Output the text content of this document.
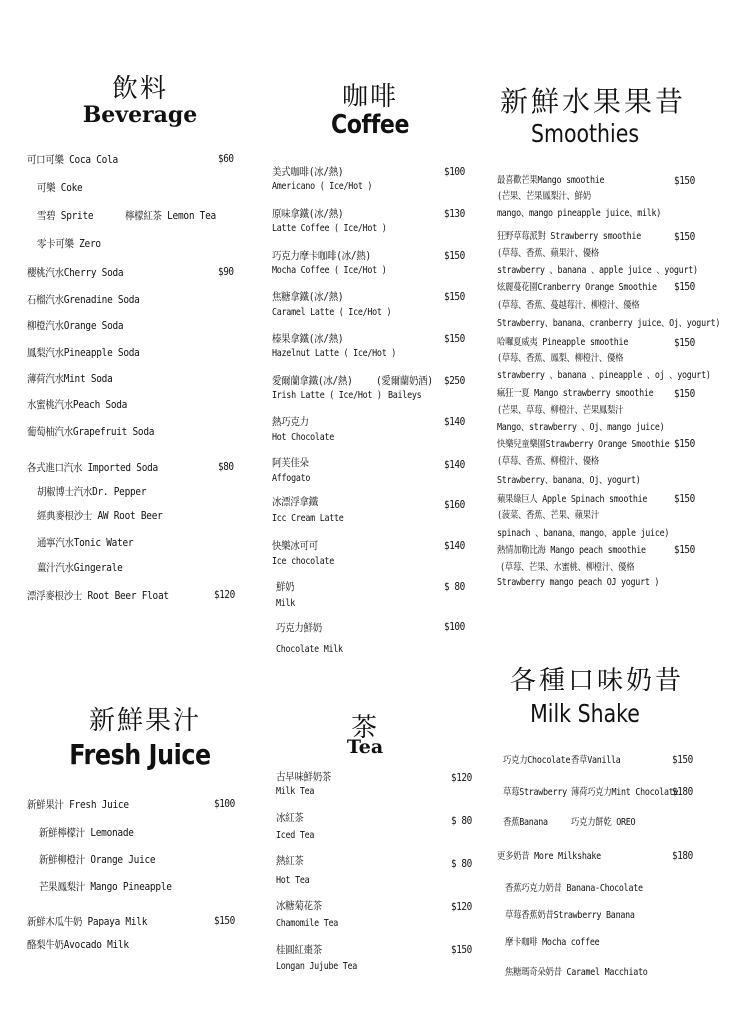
飲料
Beverage
可口可樂 Coca Cola	$60
可樂 Coke
雪碧 Sprite	檸檬紅茶 Lemon Tea
零卡可樂 Zero
櫻桃汽水Cherry Soda	$90
石榴汽水Grenadine Soda
柳橙汽水Orange Soda
鳳梨汽水Pineapple Soda
薄荷汽水Mint Soda
水蜜桃汽水Peach Soda
葡萄柚汽水Grapefruit Soda
各式進口汽水 Imported Soda	$80
胡椒博士汽水Dr. Pepper
經典麥根沙士 AW Root Beer
通寧汽水Tonic Water
薑汁汽水Gingerale
漂浮麥根沙士 Root Beer Float	$120
咖啡
Coffee
美式咖啡(冰/熱)
Americano ( Ice/Hot )
$100
原味拿鐵(冰/熱)
Latte Coffee ( Ice/Hot )
$130
巧克力摩卡咖啡(冰/熱)
Mocha Coffee ( Ice/Hot )
$150
焦糖拿鐵(冰/熱)
Caramel Latte ( Ice/Hot )
$150
榛果拿鐵(冰/熱)
Hazelnut Latte ( Ice/Hot )
$150
愛爾蘭拿鐵(冰/熱)
Irish Latte ( Ice/Hot )
(愛爾蘭奶酒)
Baileys
$250
熱巧克力
Hot Chocolate
$140
阿芙佳朵
Affogato
$140
冰漂浮拿鐵
Icc Cream Latte
$160
快樂冰可可
Ice chocolate
$140
鮮奶
Milk
$ 80
巧克力鮮奶
Chocolate Milk
$100
新鮮水果果昔
Smoothies
最喜歡芒果Mango smoothie
(芒果、芒果鳳梨汁、鮮奶
mango、mango pineapple juice、milk)
$150
狂野草莓派對 Strawberry smoothie
(草莓、香蕉、蘋果汁、優格
strawberry 、banana 、apple juice 、yogurt)
$150
炫麗蔓花園Cranberry Orange Smoothie
(草莓、香蕉、蔓越莓汁、柳橙汁、優格
Strawberry、banana、cranberry juice、Oj、yogurt)
$150
哈囉夏威夷 Pineapple smoothie
(草莓、香蕉、鳳梨、柳橙汁、優格
strawberry 、banana 、pineapple 、oj 、yogurt)
$150
瘋狂一夏 Mango strawberry smoothie
(芒果、草莓、柳橙汁、芒果鳳梨汁
Mango、strawberry 、Oj、mango juice)
$150
快樂兒童樂園Strawberry Orange Smoothie
(草莓、香蕉、柳橙汁、優格
Strawberry、banana、Oj、yogurt)
$150
蘋果綠巨人 Apple Spinach smoothie
(菠菜、香蕉、芒果、蘋果汁
spinach 、banana、mango、apple juice)
$150
熱情加勒比海 Mango peach smoothie
(草莓、芒果、水蜜桃、柳橙汁、優格
Strawberry mango peach OJ yogurt )
$150
各種口味奶昔
Milk Shake
巧克力Chocolate 香草Vanilla	$150
草莓Strawberry 薄荷巧克力Mint Chocolate
$180
香蕉Banana 巧克力餅乾 OREO
更多奶昔 More Milkshake	$180
香蕉巧克力奶昔 Banana-Chocolate
草莓香蕉奶昔Strawberry Banana
摩卡咖啡 Mocha coffee
焦糖瑪奇朵奶昔 Caramel Macchiato
新鮮果汁
Fresh Juice
新鮮果汁 Fresh Juice	$100
新鮮檸檬汁 Lemonade
新鮮柳橙汁 Orange Juice
芒果鳳梨汁 Mango Pineapple
新鮮木瓜牛奶 Papaya Milk	$150
酪梨牛奶Avocado Milk
茶
Tea
古早味鮮奶茶
Milk Tea
$120
冰紅茶
Iced Tea
$ 80
熱紅茶
Hot Tea
$ 80
冰糖菊花茶
Chamomile Tea
$120
桂圓紅棗茶
Longan Jujube Tea
$150
